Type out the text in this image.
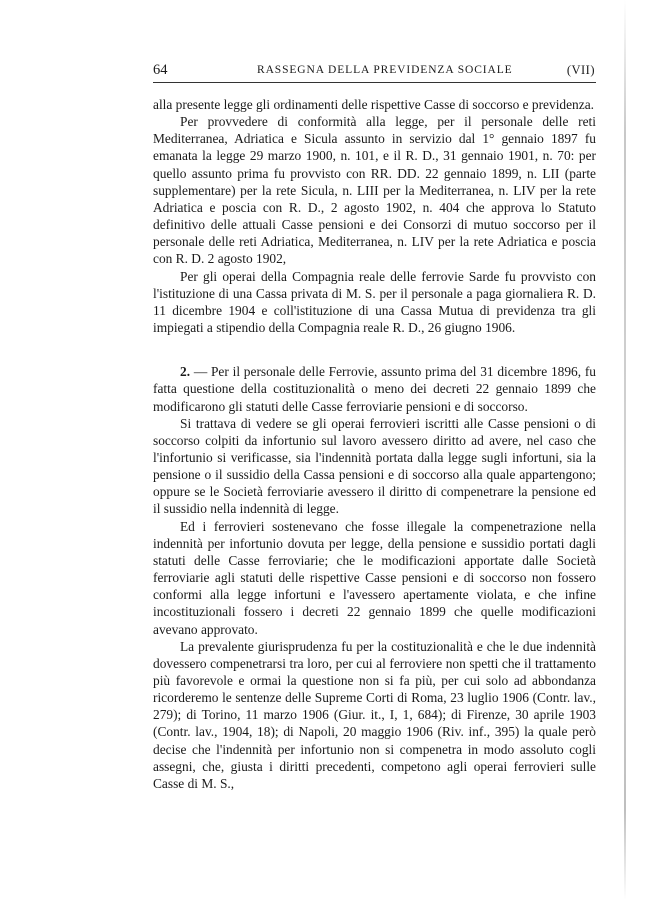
64	RASSEGNA DELLA PREVIDENZA SOCIALE	(VII)

alla presente legge gli ordinamenti delle rispettive Casse di soccorso e previdenza.

Per provvedere di conformità alla legge, per il personale delle reti Mediterranea, Adriatica e Sicula assunto in servizio dal 1° gennaio 1897 fu emanata la legge 29 marzo 1900, n. 101, e il R. D., 31 gennaio 1901, n. 70: per quello assunto prima fu provvisto con RR. DD. 22 gennaio 1899, n. LII (parte supplementare) per la rete Sicula, n. LIII per la Mediterranea, n. LIV per la rete Adriatica e poscia con R. D., 2 agosto 1902, n. 404 che approva lo Statuto definitivo delle attuali Casse pensioni e dei Consorzi di mutuo soccorso per il personale delle reti Adriatica, Mediterranea, n. LIV per la rete Adriatica e poscia con R. D. 2 agosto 1902,

Per gli operai della Compagnia reale delle ferrovie Sarde fu provvisto con l'istituzione di una Cassa privata di M. S. per il personale a paga giornaliera R. D. 11 dicembre 1904 e coll'istituzione di una Cassa Mutua di previdenza tra gli impiegati a stipendio della Compagnia reale R. D., 26 giugno 1906.

2. — Per il personale delle Ferrovie, assunto prima del 31 dicembre 1896, fu fatta questione della costituzionalità o meno dei decreti 22 gennaio 1899 che modificarono gli statuti delle Casse ferroviarie pensioni e di soccorso.

Si trattava di vedere se gli operai ferrovieri iscritti alle Casse pensioni o di soccorso colpiti da infortunio sul lavoro avessero diritto ad avere, nel caso che l'infortunio si verificasse, sia l'indennità portata dalla legge sugli infortuni, sia la pensione o il sussidio della Cassa pensioni e di soccorso alla quale appartengono; oppure se le Società ferroviarie avessero il diritto di compenetrare la pensione ed il sussidio nella indennità di legge.

Ed i ferrovieri sostenevano che fosse illegale la compenetrazione nella indennità per infortunio dovuta per legge, della pensione e sussidio portati dagli statuti delle Casse ferroviarie; che le modificazioni apportate dalle Società ferroviarie agli statuti delle rispettive Casse pensioni e di soccorso non fossero conformi alla legge infortuni e l'avessero apertamente violata, e che infine incostituzionali fossero i decreti 22 gennaio 1899 che quelle modificazioni avevano approvato.

La prevalente giurisprudenza fu per la costituzionalità e che le due indennità dovessero compenetrarsi tra loro, per cui al ferroviere non spetti che il trattamento più favorevole e ormai la questione non si fa più, per cui solo ad abbondanza ricorderemo le sentenze delle Supreme Corti di Roma, 23 luglio 1906 (Contr. lav., 279); di Torino, 11 marzo 1906 (Giur. it., I, 1, 684); di Firenze, 30 aprile 1903 (Contr. lav., 1904, 18); di Napoli, 20 maggio 1906 (Riv. inf., 395) la quale però decise che l'indennità per infortunio non si compenetra in modo assoluto cogli assegni, che, giusta i diritti precedenti, competono agli operai ferrovieri sulle Casse di M. S.,
